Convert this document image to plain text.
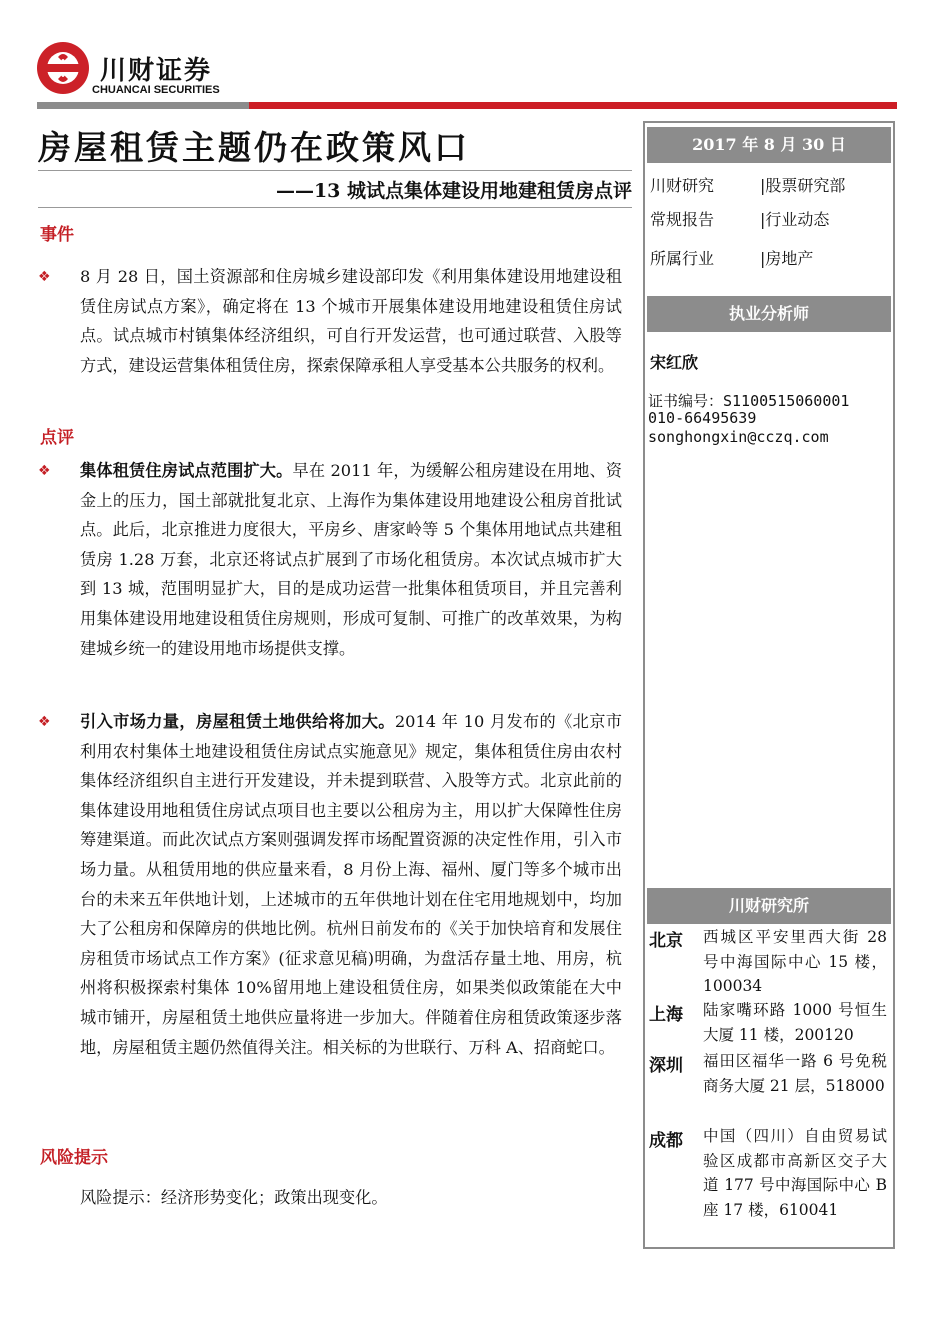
川财证券
CHUANCAI SECURITIES
房屋租赁主题仍在政策风口
——13 城试点集体建设用地建租赁房点评
事件
❖	8 月 28 日，国土资源部和住房城乡建设部印发《利用集体建设用地建设租赁住房试点方案》，确定将在 13 个城市开展集体建设用地建设租赁住房试点。试点城市村镇集体经济组织，可自行开发运营，也可通过联营、入股等方式，建设运营集体租赁住房，探索保障承租人享受基本公共服务的权利。
点评
❖	集体租赁住房试点范围扩大。早在 2011 年，为缓解公租房建设在用地、资金上的压力，国土部就批复北京、上海作为集体建设用地建设公租房首批试点。此后，北京推进力度很大，平房乡、唐家岭等 5 个集体用地试点共建租赁房 1.28 万套，北京还将试点扩展到了市场化租赁房。本次试点城市扩大到 13 城，范围明显扩大，目的是成功运营一批集体租赁项目，并且完善利用集体建设用地建设租赁住房规则，形成可复制、可推广的改革效果，为构建城乡统一的建设用地市场提供支撑。
❖	引入市场力量，房屋租赁土地供给将加大。2014 年 10 月发布的《北京市利用农村集体土地建设租赁住房试点实施意见》规定，集体租赁住房由农村集体经济组织自主进行开发建设，并未提到联营、入股等方式。北京此前的集体建设用地租赁住房试点项目也主要以公租房为主，用以扩大保障性住房筹建渠道。而此次试点方案则强调发挥市场配置资源的决定性作用，引入市场力量。从租赁用地的供应量来看，8 月份上海、福州、厦门等多个城市出台的未来五年供地计划，上述城市的五年供地计划在住宅用地规划中，均加大了公租房和保障房的供地比例。杭州日前发布的《关于加快培育和发展住房租赁市场试点工作方案》(征求意见稿)明确，为盘活存量土地、用房，杭州将积极探索村集体 10%留用地上建设租赁住房，如果类似政策能在大中城市铺开，房屋租赁土地供应量将进一步加大。伴随着住房租赁政策逐步落地，房屋租赁主题仍然值得关注。相关标的为世联行、万科 A、招商蛇口。
风险提示
风险提示：经济形势变化；政策出现变化。
2017 年 8 月 30 日
川财研究	|股票研究部
常规报告	|行业动态
所属行业	|房地产
执业分析师
宋红欣
证书编号：S1100515060001
010-66495639
songhongxin@cczq.com
川财研究所
北京 西城区平安里西大街 28 号中海国际中心 15 楼，100034
上海 陆家嘴环路 1000 号恒生大厦 11 楼，200120
深圳 福田区福华一路 6 号免税商务大厦 21 层，518000
成都 中国（四川）自由贸易试验区成都市高新区交子大道 177 号中海国际中心 B 座 17 楼，610041
